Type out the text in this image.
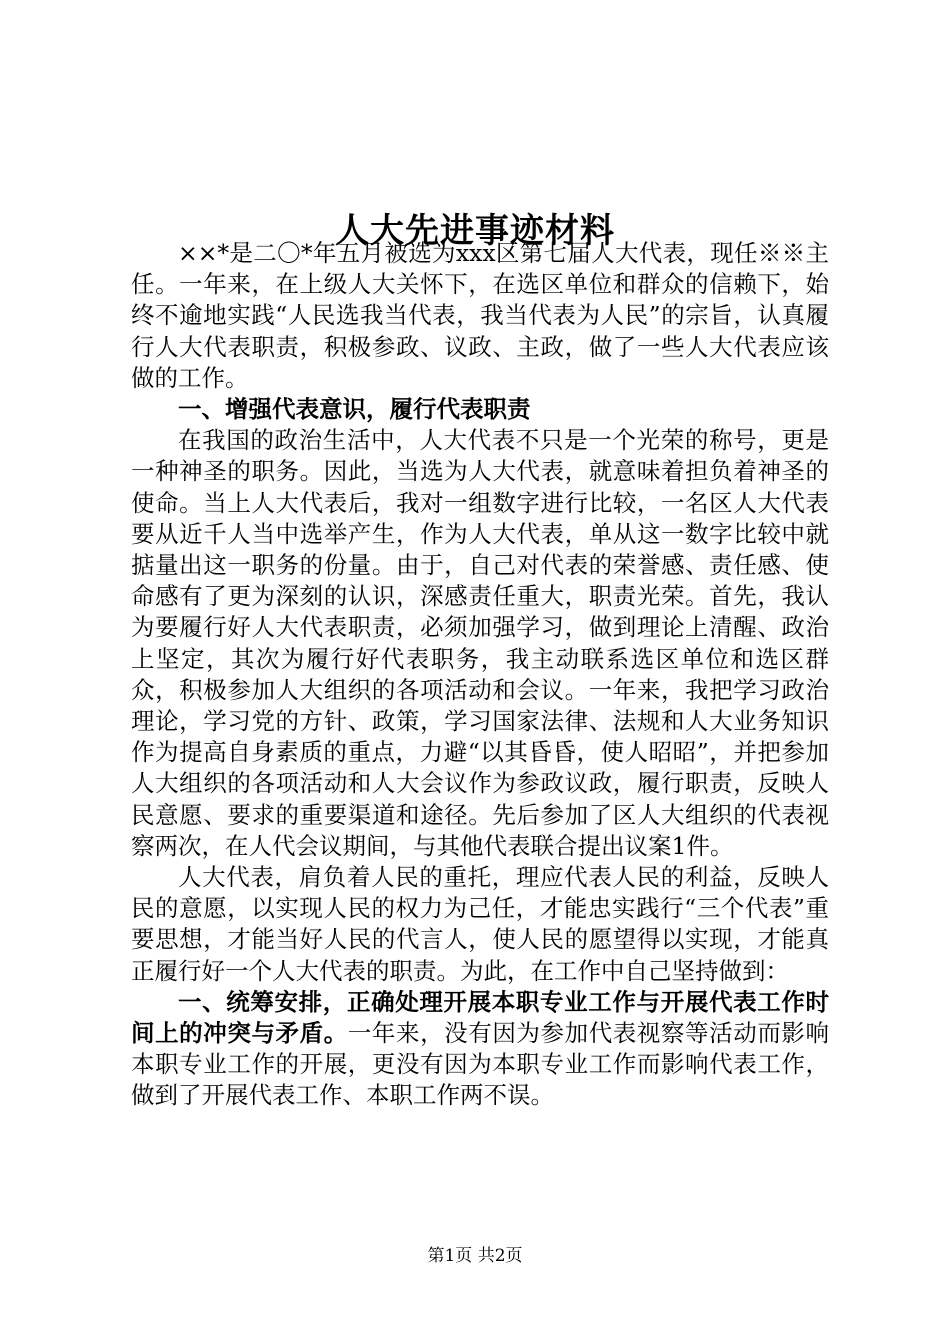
人大先进事迹材料

××*是二〇*年五月被选为xxx区第七届人大代表，现任※※主任。一年来，在上级人大关怀下，在选区单位和群众的信赖下，始终不逾地实践“人民选我当代表，我当代表为人民”的宗旨，认真履行人大代表职责，积极参政、议政、主政，做了一些人大代表应该做的工作。

一、增强代表意识，履行代表职责

在我国的政治生活中，人大代表不只是一个光荣的称号，更是一种神圣的职务。因此，当选为人大代表，就意味着担负着神圣的使命。当上人大代表后，我对一组数字进行比较，一名区人大代表要从近千人当中选举产生，作为人大代表，单从这一数字比较中就掂量出这一职务的份量。由于，自己对代表的荣誉感、责任感、使命感有了更为深刻的认识，深感责任重大，职责光荣。首先，我认为要履行好人大代表职责，必须加强学习，做到理论上清醒、政治上坚定，其次为履行好代表职务，我主动联系选区单位和选区群众，积极参加人大组织的各项活动和会议。一年来，我把学习政治理论，学习党的方针、政策，学习国家法律、法规和人大业务知识作为提高自身素质的重点，力避“以其昏昏，使人昭昭”，并把参加人大组织的各项活动和人大会议作为参政议政，履行职责，反映人民意愿、要求的重要渠道和途径。先后参加了区人大组织的代表视察两次，在人代会议期间，与其他代表联合提出议案1件。

人大代表，肩负着人民的重托，理应代表人民的利益，反映人民的意愿，以实现人民的权力为己任，才能忠实践行“三个代表”重要思想，才能当好人民的代言人，使人民的愿望得以实现，才能真正履行好一个人大代表的职责。为此，在工作中自己坚持做到：

一、统筹安排，正确处理开展本职专业工作与开展代表工作时间上的冲突与矛盾。一年来，没有因为参加代表视察等活动而影响本职专业工作的开展，更没有因为本职专业工作而影响代表工作，做到了开展代表工作、本职工作两不误。

第1页 共2页
